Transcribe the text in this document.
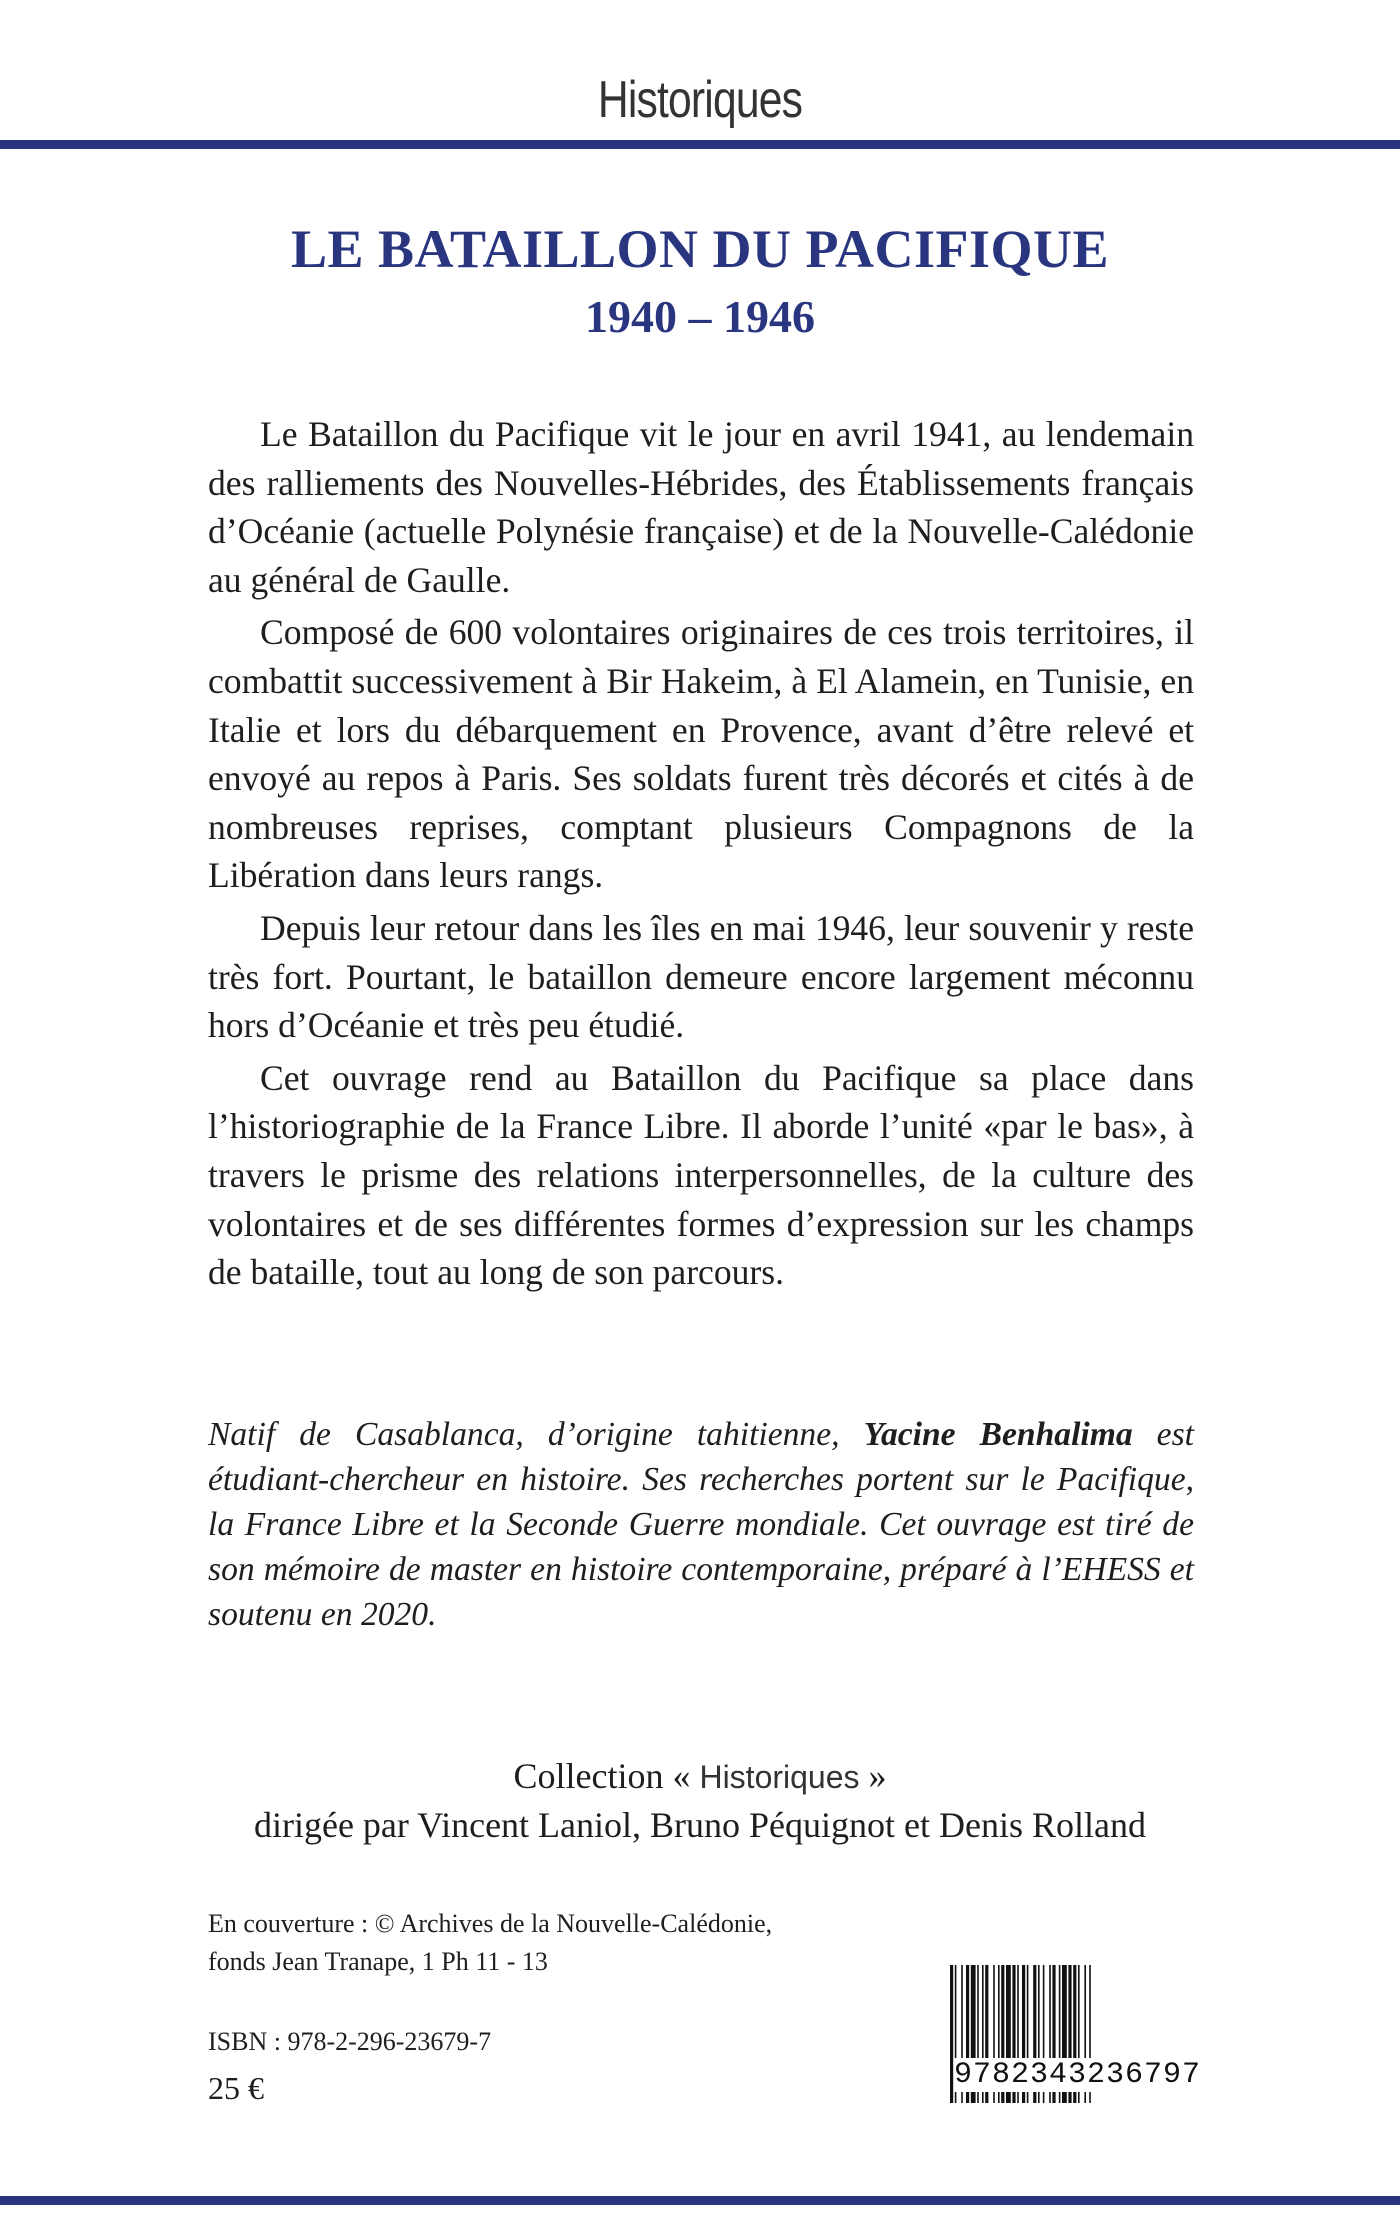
Historiques
LE BATAILLON DU PACIFIQUE
1940 – 1946

Le Bataillon du Pacifique vit le jour en avril 1941, au lendemain des ralliements des Nouvelles-Hébrides, des Établissements français d’Océanie (actuelle Polynésie française) et de la Nouvelle-Calédonie au général de Gaulle.

Composé de 600 volontaires originaires de ces trois territoires, il combattit successivement à Bir Hakeim, à El Alamein, en Tunisie, en Italie et lors du débarquement en Provence, avant d’être relevé et envoyé au repos à Paris. Ses soldats furent très décorés et cités à de nombreuses reprises, comptant plusieurs Compagnons de la Libération dans leurs rangs.

Depuis leur retour dans les îles en mai 1946, leur souvenir y reste très fort. Pourtant, le bataillon demeure encore largement méconnu hors d’Océanie et très peu étudié.

Cet ouvrage rend au Bataillon du Pacifique sa place dans l’historiographie de la France Libre. Il aborde l’unité «par le bas», à travers le prisme des relations interpersonnelles, de la culture des volontaires et de ses différentes formes d’expression sur les champs de bataille, tout au long de son parcours.

Natif de Casablanca, d’origine tahitienne, Yacine Benhalima est étudiant-chercheur en histoire. Ses recherches portent sur le Pacifique, la France Libre et la Seconde Guerre mondiale. Cet ouvrage est tiré de son mémoire de master en histoire contemporaine, préparé à l’EHESS et soutenu en 2020.

Collection « Historiques »
dirigée par Vincent Laniol, Bruno Péquignot et Denis Rolland
En couverture : © Archives de la Nouvelle-Calédonie,
fonds Jean Tranape, 1 Ph 11 - 13
ISBN : 978-2-296-23679-7
25 €	9782343236797
